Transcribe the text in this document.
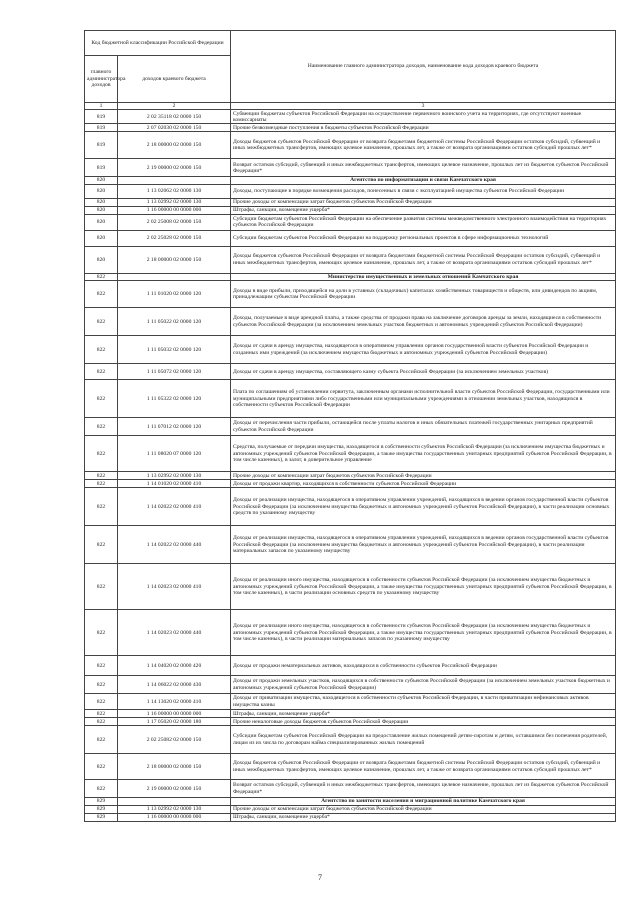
Код бюджетной классификации Российской Федерации		Наименование главного администратора доходов, наименование кода доходов краевого бюджета
главного администратора доходов	доходов краевого бюджета	
1	2	3
819	2 02 35118 02 0000 150	Субвенции бюджетам субъектов Российской Федерации на осуществление первичного воинского учета на территориях, где отсутствуют военные комиссариаты
819	2 07 02030 02 0000 150	Прочие безвозмездные поступления в бюджеты субъектов Российской Федерации
819	2 18 00000 02 0000 150	Доходы бюджетов субъектов Российской Федерации от возврата бюджетами бюджетной системы Российской Федерации остатков субсидий, субвенций и иных межбюджетных трансфертов, имеющих целевое назначение, прошлых лет, а также от возврата организациями остатков субсидий прошлых лет*
819	2 19 00000 02 0000 150	Возврат остатков субсидий, субвенций и иных межбюджетных трансфертов, имеющих целевое назначение, прошлых лет из бюджетов субъектов Российской Федерации*
820		Агентство по информатизации и связи Камчатского края
820	1 13 02062 02 0000 130	Доходы, поступающие в порядке возмещения расходов, понесенных в связи с эксплуатацией имущества субъектов Российской Федерации
820	1 13 02992 02 0000 130	Прочие доходы от компенсации затрат бюджетов субъектов Российской Федерации
820	1 16 00000 00 0000 000	Штрафы, санкции, возмещение ущерба*
820	2 02 25008 02 0000 150	Субсидии бюджетам субъектов Российской Федерации на обеспечение развития системы межведомственного электронного взаимодействия на территориях субъектов Российской Федерации
820	2 02 25028 02 0000 150	Субсидии бюджетам субъектов Российской Федерации на поддержку региональных проектов в сфере информационных технологий
820	2 18 00000 02 0000 150	Доходы бюджетов субъектов Российской Федерации от возврата бюджетами бюджетной системы Российской Федерации остатков субсидий, субвенций и иных межбюджетных трансфертов, имеющих целевое назначение, прошлых лет, а также от возврата организациями остатков субсидий прошлых лет*
822		Министерство имущественных и земельных отношений Камчатского края
822	1 11 01020 02 0000 120	Доходы в виде прибыли, приходящейся на доли в уставных (складочных) капиталах хозяйственных товариществ и обществ, или дивидендов по акциям, принадлежащим субъектам Российской Федерации
822	1 11 05022 02 0000 120	Доходы, получаемые в виде арендной платы, а также средства от продажи права на заключение договоров аренды за земли, находящиеся в собственности субъектов Российской Федерации (за исключением земельных участков бюджетных и автономных учреждений субъектов Российской Федерации)
822	1 11 05032 02 0000 120	Доходы от сдачи в аренду имущества, находящегося в оперативном управлении органов государственной власти субъектов Российской Федерации и созданных ими учреждений (за исключением имущества бюджетных и автономных учреждений субъектов Российской Федерации)
822	1 11 05072 02 0000 120	Доходы от сдачи в аренду имущества, составляющего казну субъекта Российской Федерации (за исключением земельных участков)
822	1 11 05322 02 0000 120	Плата по соглашениям об установлении сервитута, заключенным органами исполнительной власти субъектов Российской Федерации, государственными или муниципальными предприятиями либо государственными или муниципальными учреждениями в отношении земельных участков, находящихся в собственности субъектов Российской Федерации
822	1 11 07012 02 0000 120	Доходы от перечисления части прибыли, остающейся после уплаты налогов и иных обязательных платежей государственных унитарных предприятий субъектов Российской Федерации
822	1 11 08020 07 0000 120	Средства, получаемые от передачи имущества, находящегося в собственности субъектов Российской Федерации (за исключением имущества бюджетных и автономных учреждений субъектов Российской Федерации, а также имущества государственных унитарных предприятий субъектов Российской Федерации, в том числе казенных), в залог, в доверительное управление
822	1 13 02992 02 0000 130	Прочие доходы от компенсации затрат бюджетов субъектов Российской Федерации
822	1 14 01020 02 0000 410	Доходы от продажи квартир, находящихся в собственности субъектов Российской Федерации
822	1 14 02022 02 0000 410	Доходы от реализации имущества, находящегося в оперативном управлении учреждений, находящихся в ведении органов государственной власти субъектов Российской Федерации (за исключением имущества бюджетных и автономных учреждений субъектов Российской Федерации), в части реализации основных средств по указанному имуществу
822	1 14 02022 02 0000 440	Доходы от реализации имущества, находящегося в оперативном управлении учреждений, находящихся в ведении органов государственной власти субъектов Российской Федерации (за исключением имущества бюджетных и автономных учреждений субъектов Российской Федерации), в части реализации материальных запасов по указанному имуществу
822	1 14 02023 02 0000 410	Доходы от реализации иного имущества, находящегося в собственности субъектов Российской Федерации (за исключением имущества бюджетных и автономных учреждений субъектов Российской Федерации, а также имущества государственных унитарных предприятий субъектов Российской Федерации, в том числе казенных), в части реализации основных средств по указанному имуществу
822	1 14 02023 02 0000 440	Доходы от реализации иного имущества, находящегося в собственности субъектов Российской Федерации (за исключением имущества бюджетных и автономных учреждений субъектов Российской Федерации, а также имущества государственных унитарных предприятий субъектов Российской Федерации, в том числе казенных), в части реализации материальных запасов по указанному имуществу
822	1 14 04020 02 0000 420	Доходы от продажи нематериальных активов, находящихся в собственности субъектов Российской Федерации
822	1 14 06022 02 0000 430	Доходы от продажи земельных участков, находящихся в собственности субъектов Российской Федерации (за исключением земельных участков бюджетных и автономных учреждений субъектов Российской Федерации)
822	1 14 13020 02 0000 410	Доходы от приватизации имущества, находящегося в собственности субъектов Российской Федерации, в части приватизации нефинансовых активов имущества казны
822	1 16 00000 00 0000 000	Штрафы, санкции, возмещение ущерба*
822	1 17 05020 02 0000 180	Прочие неналоговые доходы бюджетов субъектов Российской Федерации
822	2 02 25082 02 0000 150	Субсидии бюджетам субъектов Российской Федерации на предоставление жилых помещений детям-сиротам и детям, оставшимся без попечения родителей, лицам из их числа по договорам найма специализированных жилых помещений
822	2 18 00000 02 0000 150	Доходы бюджетов субъектов Российской Федерации от возврата бюджетами бюджетной системы Российской Федерации остатков субсидий, субвенций и иных межбюджетных трансфертов, имеющих целевое назначение, прошлых лет, а также от возврата организациями остатков субсидий прошлых лет*
822	2 19 00000 02 0000 150	Возврат остатков субсидий, субвенций и иных межбюджетных трансфертов, имеющих целевое назначение, прошлых лет из бюджетов субъектов Российской Федерации*
829		Агентство по занятости населения и миграционной политике Камчатского края
829	1 13 02992 02 0000 130	Прочие доходы от компенсации затрат бюджетов субъектов Российской Федерации
829	1 16 00000 00 0000 000	Штрафы, санкции, возмещение ущерба*
7
